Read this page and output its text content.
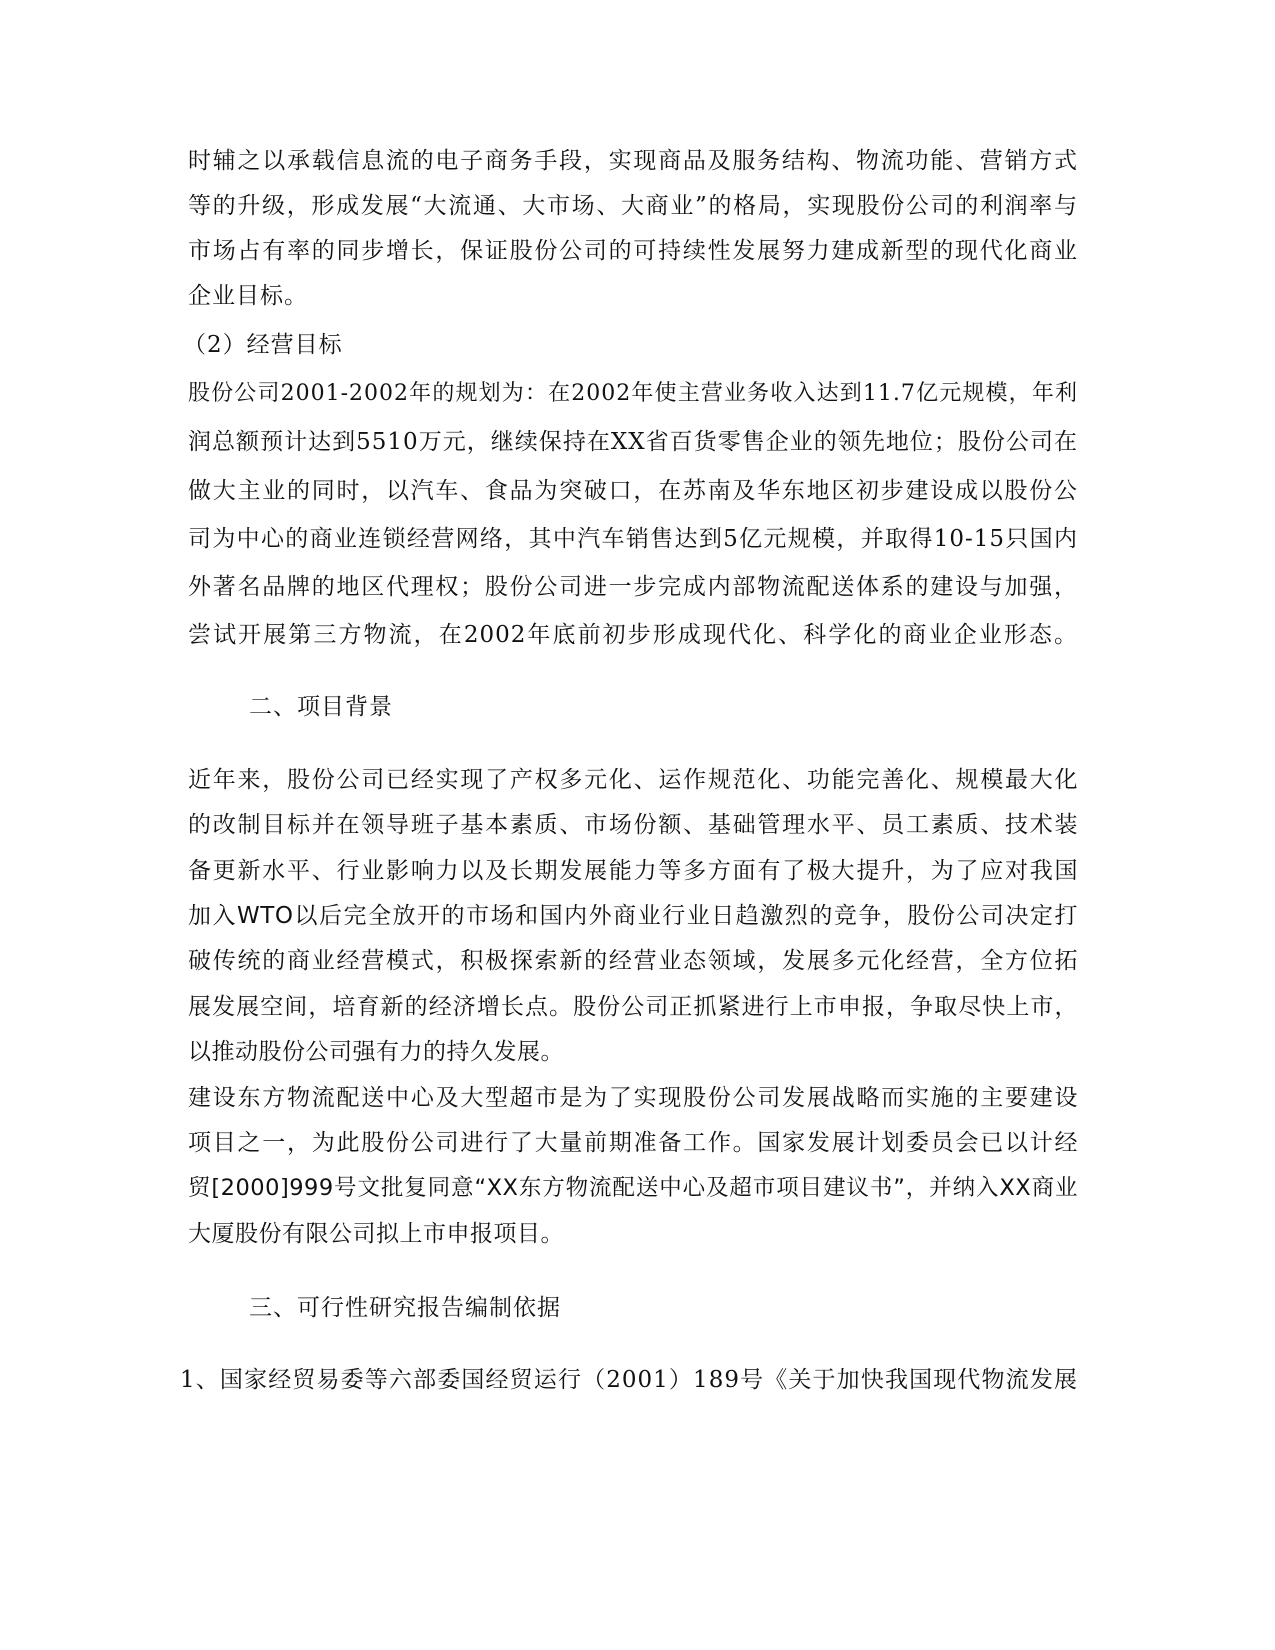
时辅之以承载信息流的电子商务手段，实现商品及服务结构、物流功能、营销方式
等的升级，形成发展“大流通、大市场、大商业”的格局，实现股份公司的利润率与
市场占有率的同步增长，保证股份公司的可持续性发展努力建成新型的现代化商业
企业目标。
（2）经营目标
股份公司2001-2002年的规划为：在2002年使主营业务收入达到11.7亿元规模，年利
润总额预计达到5510万元，继续保持在XX省百货零售企业的领先地位；股份公司在
做大主业的同时，以汽车、食品为突破口，在苏南及华东地区初步建设成以股份公
司为中心的商业连锁经营网络，其中汽车销售达到5亿元规模，并取得10-15只国内
外著名品牌的地区代理权；股份公司进一步完成内部物流配送体系的建设与加强，
尝试开展第三方物流，在2002年底前初步形成现代化、科学化的商业企业形态。
二、项目背景
近年来，股份公司已经实现了产权多元化、运作规范化、功能完善化、规模最大化
的改制目标并在领导班子基本素质、市场份额、基础管理水平、员工素质、技术装
备更新水平、行业影响力以及长期发展能力等多方面有了极大提升，为了应对我国
加入WTO以后完全放开的市场和国内外商业行业日趋激烈的竞争，股份公司决定打
破传统的商业经营模式，积极探索新的经营业态领域，发展多元化经营，全方位拓
展发展空间，培育新的经济增长点。股份公司正抓紧进行上市申报，争取尽快上市，
以推动股份公司强有力的持久发展。
建设东方物流配送中心及大型超市是为了实现股份公司发展战略而实施的主要建设
项目之一，为此股份公司进行了大量前期准备工作。国家发展计划委员会已以计经
贸[2000]999号文批复同意“XX东方物流配送中心及超市项目建议书”，并纳入XX商业
大厦股份有限公司拟上市申报项目。
三、可行性研究报告编制依据
1、国家经贸易委等六部委国经贸运行（2001）189号《关于加快我国现代物流发展
